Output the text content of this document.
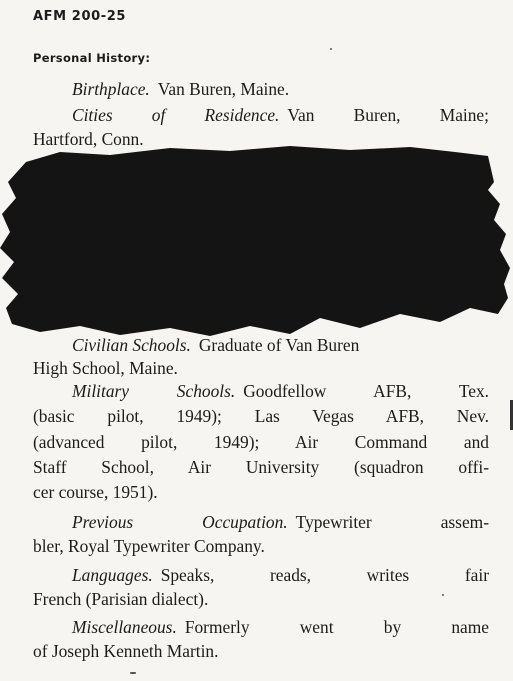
AFM 200-25
Personal History:
Birthplace. Van Buren, Maine.
Cities of Residence. Van Buren, Maine;
Hartford, Conn.
Civilian Schools. Graduate of Van Buren
High School, Maine.
Military Schools. Goodfellow AFB, Tex.
(basic pilot, 1949); Las Vegas AFB, Nev.
(advanced pilot, 1949); Air Command and
Staff School, Air University (squadron offi-
cer course, 1951).
Previous Occupation. Typewriter assem-
bler, Royal Typewriter Company.
Languages. Speaks, reads, writes fair
French (Parisian dialect).
Miscellaneous. Formerly went by name
of Joseph Kenneth Martin.
